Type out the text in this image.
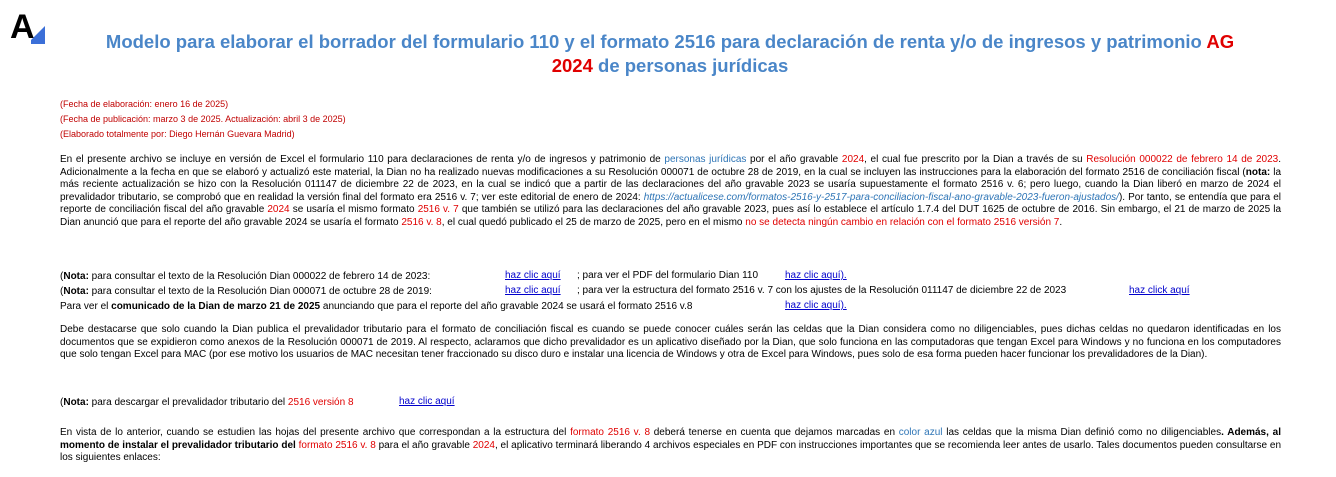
A	Modelo para elaborar el borrador del formulario 110 y el formato 2516 para declaración de renta y/o de ingresos y patrimonio AG
2024 de personas jurídicas
(Fecha de elaboración: enero 16 de 2025)
(Fecha de publicación: marzo 3 de 2025. Actualización: abril 3 de 2025)
(Elaborado totalmente por: Diego Hernán Guevara Madrid)
En el presente archivo se incluye en versión de Excel el formulario 110 para declaraciones de renta y/o de ingresos y patrimonio de personas jurídicas por el año gravable 2024, el cual fue prescrito por la Dian a través de su Resolución 000022 de febrero 14 de 2023. Adicionalmente a la fecha en que se elaboró y actualizó este material, la Dian no ha realizado nuevas modificaciones a su Resolución 000071 de octubre 28 de 2019, en la cual se incluyen las instrucciones para la elaboración del formato 2516 de conciliación fiscal (nota: la más reciente actualización se hizo con la Resolución 011147 de diciembre 22 de 2023, en la cual se indicó que a partir de las declaraciones del año gravable 2023 se usaría supuestamente el formato 2516 v. 6; pero luego, cuando la Dian liberó en marzo de 2024 el prevalidador tributario, se comprobó que en realidad la versión final del formato era 2516 v. 7; ver este editorial de enero de 2024: https://actualicese.com/formatos-2516-y-2517-para-conciliacion-fiscal-ano-gravable-2023-fueron-ajustados/). Por tanto, se entendía que para el reporte de conciliación fiscal del año gravable 2024 se usaría el mismo formato 2516 v. 7 que también se utilizó para las declaraciones del año gravable 2023, pues así lo establece el artículo 1.7.4 del DUT 1625 de octubre de 2016. Sin embargo, el 21 de marzo de 2025 la Dian anunció que para el reporte del año gravable 2024 se usaría el formato 2516 v. 8, el cual quedó publicado el 25 de marzo de 2025, pero en el mismo no se detecta ningún cambio en relación con el formato 2516 versión 7.
(Nota: para consultar el texto de la Resolución Dian 000022 de febrero 14 de 2023:	haz clic aquí ; para ver el PDF del formulario Dian 110	haz clic aquí).
(Nota: para consultar el texto de la Resolución Dian 000071 de octubre 28 de 2019:	haz clic aquí ; para ver la estructura del formato 2516 v. 7 con los ajustes de la Resolución 011147 de diciembre 22 de 2023	haz click aquí
Para ver el comunicado de la Dian de marzo 21 de 2025 anunciando que para el reporte del año gravable 2024 se usará el formato 2516 v.8	haz clic aquí).
Debe destacarse que solo cuando la Dian publica el prevalidador tributario para el formato de conciliación fiscal es cuando se puede conocer cuáles serán las celdas que la Dian considera como no diligenciables, pues dichas celdas no quedaron identificadas en los documentos que se expidieron como anexos de la Resolución 000071 de 2019. Al respecto, aclaramos que dicho prevalidador es un aplicativo diseñado por la Dian, que solo funciona en las computadoras que tengan Excel para Windows y no funciona en los computadores que solo tengan Excel para MAC (por ese motivo los usuarios de MAC necesitan tener fraccionado su disco duro e instalar una licencia de Windows y otra de Excel para Windows, pues solo de esa forma pueden hacer funcionar los prevalidadores de la Dian).
(Nota: para descargar el prevalidador tributario del 2516 versión 8	haz clic aquí
En vista de lo anterior, cuando se estudien las hojas del presente archivo que correspondan a la estructura del formato 2516 v. 8 deberá tenerse en cuenta que dejamos marcadas en color azul las celdas que la misma Dian definió como no diligenciables. Además, al momento de instalar el prevalidador tributario del formato 2516 v. 8 para el año gravable 2024, el aplicativo terminará liberando 4 archivos especiales en PDF con instrucciones importantes que se recomienda leer antes de usarlo. Tales documentos pueden consultarse en los siguientes enlaces:
